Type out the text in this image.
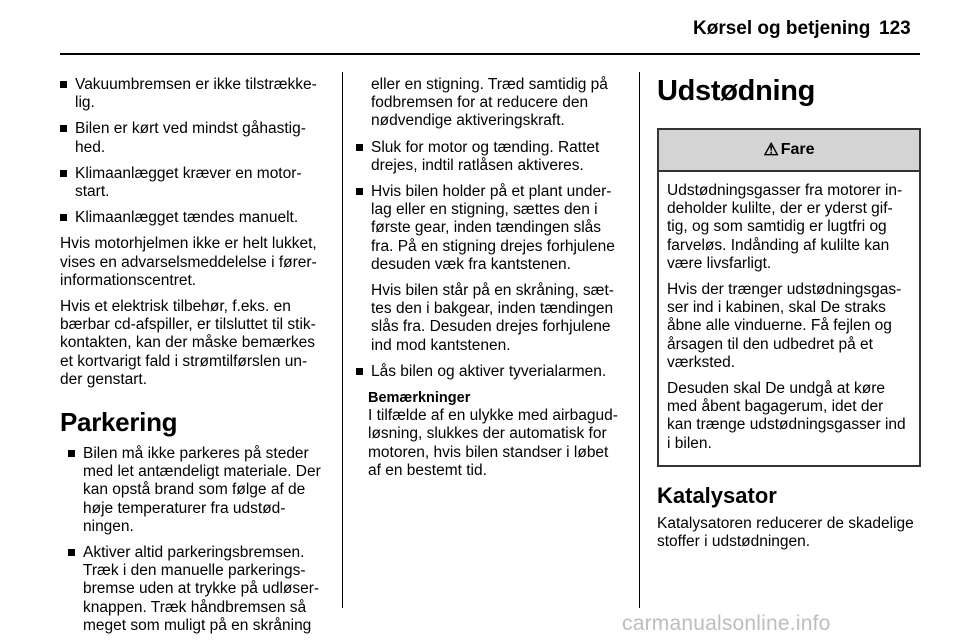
Kørsel og betjening 123
Vakuumbremsen er ikke tilstrække-lig.
Bilen er kørt ved mindst gåhastig-hed.
Klimaanlægget kræver en motor-start.
Klimaanlægget tændes manuelt.

Hvis motorhjelmen ikke er helt lukket, vises en advarselsmeddelelse i fører-informationscentret.

Hvis et elektrisk tilbehør, f.eks. en bærbar cd-afspiller, er tilsluttet til stik-kontakten, kan der måske bemærkes et kortvarigt fald i strømtilførslen un-der genstart.

Parkering
Bilen må ikke parkeres på steder med let antændeligt materiale. Der kan opstå brand som følge af de høje temperaturer fra udstød-ningen.
Aktiver altid parkeringsbremsen. Træk i den manuelle parkerings-bremse uden at trykke på udløser-knappen. Træk håndbremsen så meget som muligt på en skråning

eller en stigning. Træd samtidig på fodbremsen for at reducere den nødvendige aktiveringskraft.

Sluk for motor og tænding. Rattet drejes, indtil ratlåsen aktiveres.
Hvis bilen holder på et plant under-lag eller en stigning, sættes den i første gear, inden tændingen slås fra. På en stigning drejes forhjulene desuden væk fra kantstenen.

Hvis bilen står på en skråning, sæt-tes den i bakgear, inden tændingen slås fra. Desuden drejes forhjulene ind mod kantstenen.

Lås bilen og aktiver tyverialarmen.

Bemærkninger

I tilfælde af en ulykke med airbagud-løsning, slukkes der automatisk for motoren, hvis bilen standser i løbet af en bestemt tid.

Udstødning
⚠ Fare

Udstødningsgasser fra motorer in-deholder kulilte, der er yderst gif-tig, og som samtidig er lugtfri og farveløs. Indånding af kulilte kan være livsfarligt.

Hvis der trænger udstødningsgas-ser ind i kabinen, skal De straks åbne alle vinduerne. Få fejlen og årsagen til den udbedret på et værksted.

Desuden skal De undgå at køre med åbent bagagerum, idet der kan trænge udstødningsgasser ind i bilen.

Katalysator

Katalysatoren reducerer de skadelige stoffer i udstødningen.

carmanualsonline.info
